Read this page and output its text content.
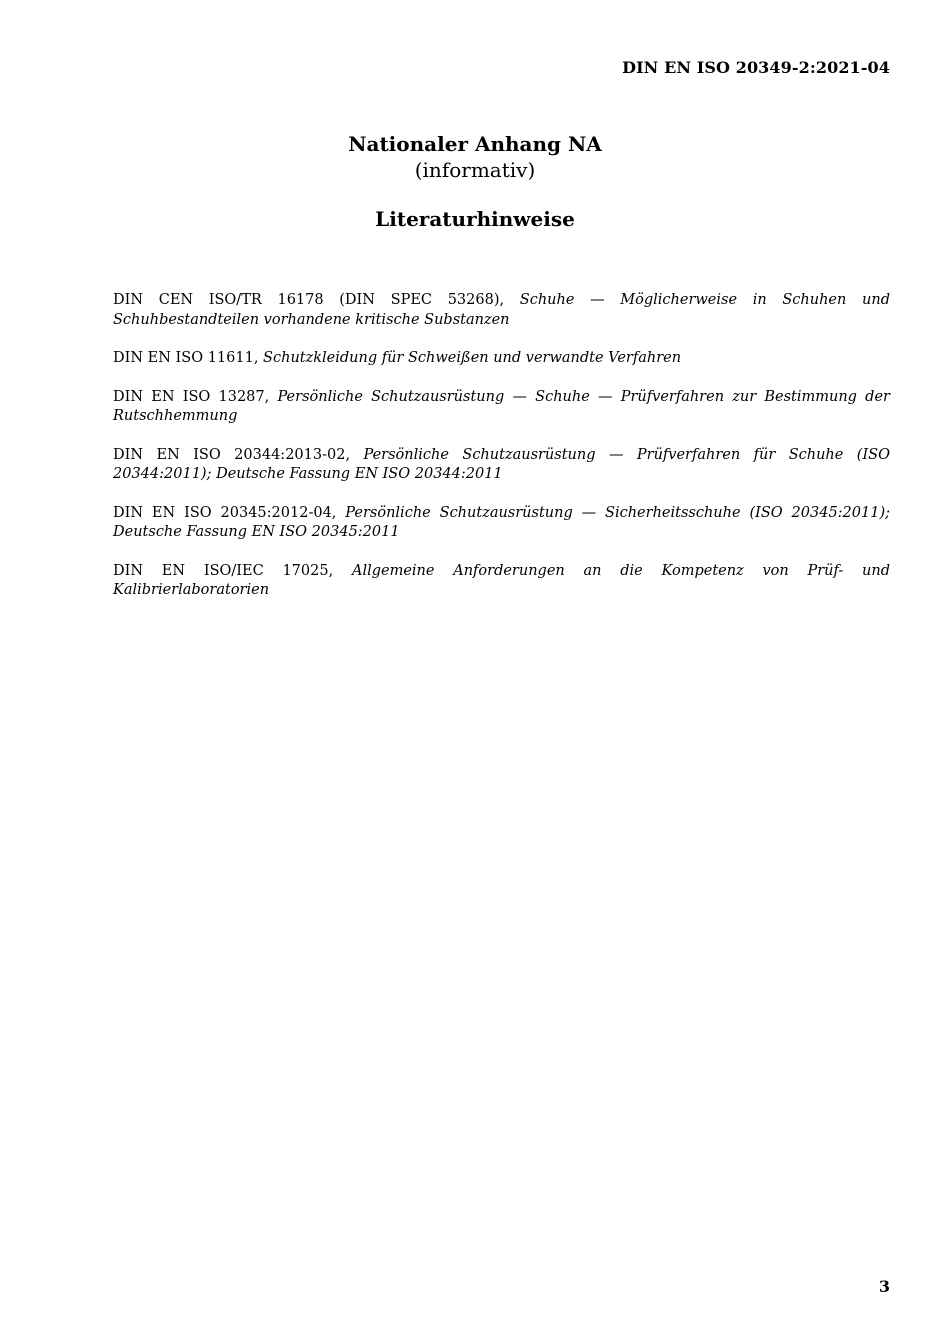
DIN EN ISO 20349-2:2021-04
Nationaler Anhang NA
(informativ)
Literaturhinweise
DIN CEN ISO/TR 16178 (DIN SPEC 53268), Schuhe — Möglicherweise in Schuhen und Schuhbestandteilen vorhandene kritische Substanzen
DIN EN ISO 11611, Schutzkleidung für Schweißen und verwandte Verfahren
DIN EN ISO 13287, Persönliche Schutzausrüstung — Schuhe — Prüfverfahren zur Bestimmung der Rutschhemmung
DIN EN ISO 20344:2013-02, Persönliche Schutzausrüstung — Prüfverfahren für Schuhe (ISO 20344:2011); Deutsche Fassung EN ISO 20344:2011
DIN EN ISO 20345:2012-04, Persönliche Schutzausrüstung — Sicherheitsschuhe (ISO 20345:2011); Deutsche Fassung EN ISO 20345:2011
DIN EN ISO/IEC 17025, Allgemeine Anforderungen an die Kompetenz von Prüf- und Kalibrierlaboratorien
3
